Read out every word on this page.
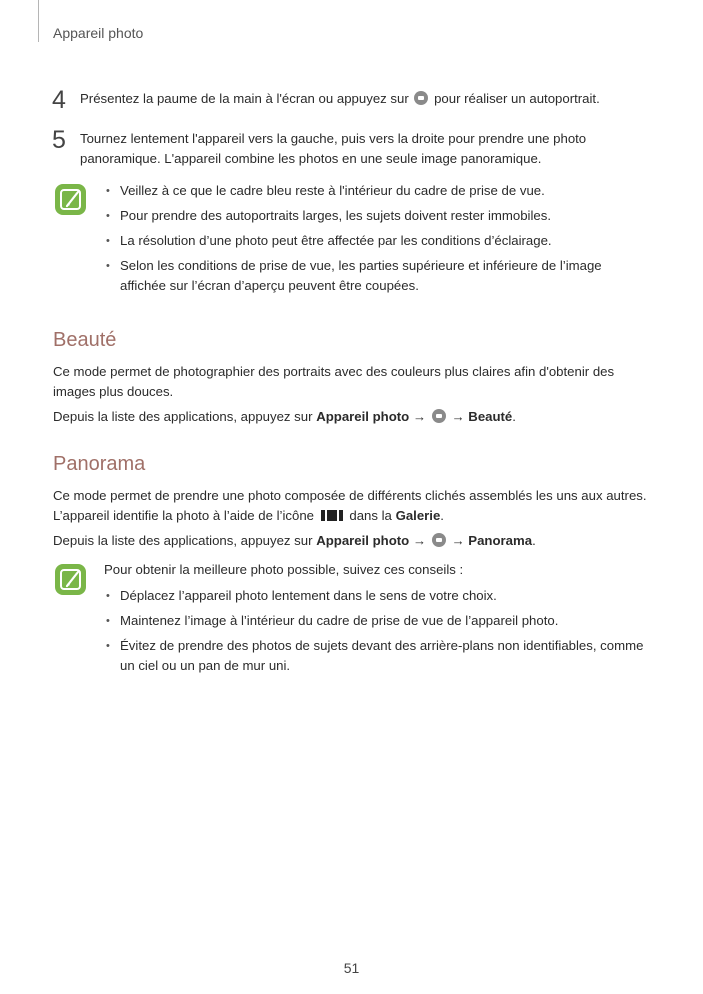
Appareil photo
4 Présentez la paume de la main à l'écran ou appuyez sur pour réaliser un autoportrait.
5 Tournez lentement l'appareil vers la gauche, puis vers la droite pour prendre une photo
panoramique. L'appareil combine les photos en une seule image panoramique.
• Veillez à ce que le cadre bleu reste à l'intérieur du cadre de prise de vue.
• Pour prendre des autoportraits larges, les sujets doivent rester immobiles.
• La résolution d’une photo peut être affectée par les conditions d’éclairage.
• Selon les conditions de prise de vue, les parties supérieure et inférieure de l’image
affichée sur l’écran d’aperçu peuvent être coupées.
Beauté
Ce mode permet de photographier des portraits avec des couleurs plus claires afin d'obtenir des
images plus douces.
Depuis la liste des applications, appuyez sur Appareil photo → → Beauté.
Panorama
Ce mode permet de prendre une photo composée de différents clichés assemblés les uns aux autres.
L’appareil identifie la photo à l’aide de l’icône	dans la Galerie.
Depuis la liste des applications, appuyez sur Appareil photo → → Panorama.
Pour obtenir la meilleure photo possible, suivez ces conseils :
• Déplacez l’appareil photo lentement dans le sens de votre choix.
• Maintenez l’image à l’intérieur du cadre de prise de vue de l’appareil photo.
• Évitez de prendre des photos de sujets devant des arrière-plans non identifiables, comme
un ciel ou un pan de mur uni.
51
